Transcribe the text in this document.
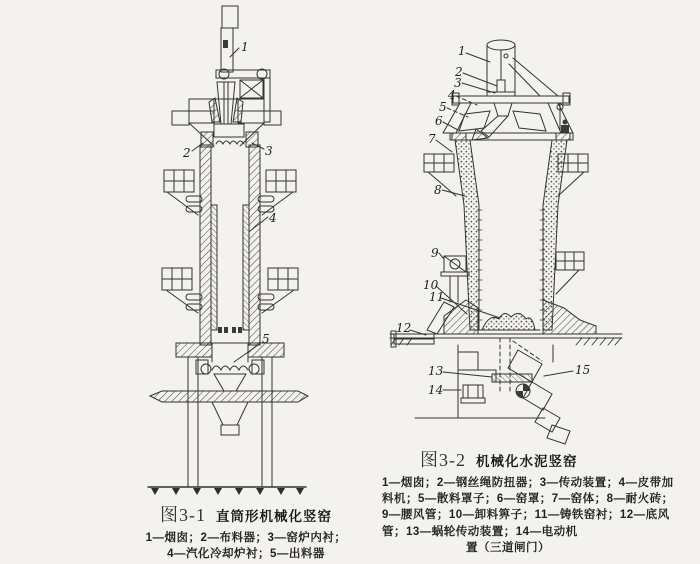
1
2	3
4
5
1
2
3
4
5
6
7
8
9
10
11
12
13
14
15
图3-1 直筒形机械化竖窑
1—烟囱；2—布料器；3—窑炉内衬；
4—汽化冷却炉衬；5—出料器
图3-2 机械化水泥竖窑
1—烟囱；2—钢丝绳防扭器；3—传动装置；4—皮带加
料机；5—散料罩子；6—窑罩；7—窑体；8—耐火砖；
9—腰风管；10—卸料箅子；11—铸铁窑衬；12—底风
管；13—蜗轮传动装置；14—电动机
置（三道闸门）
